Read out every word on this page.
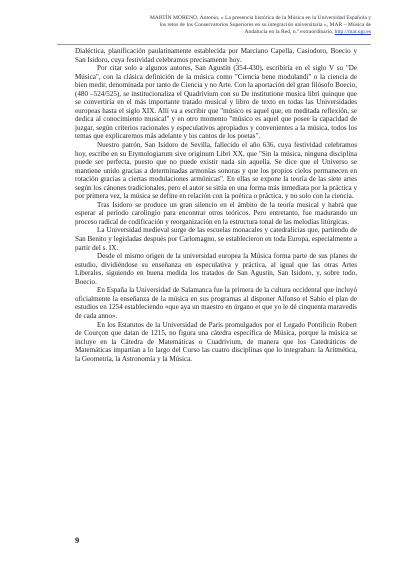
MARTÍN MORENO, Antonio, « La presencia histórica de la Música en la Universidad Española y
los retos de los Conservatorios Superiores en su integración universitaria », MAR – Música de
Andalucía en la Red, n.º extraordinario, http://mar.ugr.es

Dialéctica, planificación paulatinamente establecida por Marciano Capella, Casiodoro, Boecio y San Isidoro, cuya festividad celebramos precisamente hoy.

Por citar solo a algunos autores, San Agustín (354-430), escribiría en el siglo V su "De Música", con la clásica definición de la música como "Ciencia bene modulandi" o la ciencia de bien medir, denominada por tanto de Ciencia y no Arte. Con la aportación del gran filósofo Boecio, (480 –524/525), se institucionaliza el Quadrivium con su De institutione musica libri quinque que se convertiría en el más importante tratado musical y libro de texto en todas las Universidades europeas hasta el siglo XIX. Allí va a escribir que "músico es aquel que, en meditada reflexión, se dedica al conocimiento musical" y en otro momento "músico es aquel que posee la capacidad de juzgar, según criterios racionales y especulativos apropiados y convenientes a la música, todos los temas que explicaremos más adelante y los cantos de los poetas".

Nuestro patrón, San Isidoro de Sevilla, fallecido el año 636, cuya festividad celebramos hoy, escribe en su Etymologiarum sive originum Libri XX, que "Sin la música, ninguna disciplina puede ser perfecta, puesto que no puede existir nada sin aquella. Se dice que el Universo se mantiene unido gracias a determinadas armonías sonoras y que los propios cielos permanecen en rotación gracias a ciertas modulaciones armónicas". En ellas se expone la teoría de las siete artes según los cánones tradicionales, pero el autor se sitúa en una forma más inmediata por la práctica y por primera vez, la música se define en relación con la poética o práctica, y no solo con la ciencia.

Tras Isidoro se produce un gran silencio en el ámbito de la teoría musical y habrá que esperar al período carolingio para encontrar otros teóricos. Pero entretanto, fue madurando un proceso radical de codificación y reorganización en la estructura tonal de las melodías litúrgicas.

La Universidad medieval surge de las escuelas monacales y catedralicias que, partiendo de San Benito y legisladas después por Carlomagno, se establecieron en toda Europa, especialmente a partir del s. IX.

Desde el mismo origen de la universidad europea la Música forma parte de sus planes de estudio, dividiéndose su enseñanza en especulativa y práctica, al igual que las otras Artes Liberales, siguiendo en buena medida los tratados de San Agustín, San Isidoro, y, sobre todo, Boecio.

En España la Universidad de Salamanca fue la primera de la cultura occidental que incluyó oficialmente la enseñanza de la música en sus programas al disponer Alfonso el Sabio el plan de estudios en 1254 estableciendo «que aya un maestro en órgano et que yo le dé cinquenta maravedís de cada anno».

En los Estatutos de la Universidad de París promulgados por el Legado Pontificio Robert de Courçon que datan de 1215, no figura una cátedra específica de Música, porque la música se incluye en la Cátedra de Matemáticas o Cuadrivium, de manera que los Catedráticos de Matemáticas impartían a lo largo del Curso las cuatro disciplinas que lo integraban: la Aritmética, la Geometría, la Astronomía y la Música.

9
